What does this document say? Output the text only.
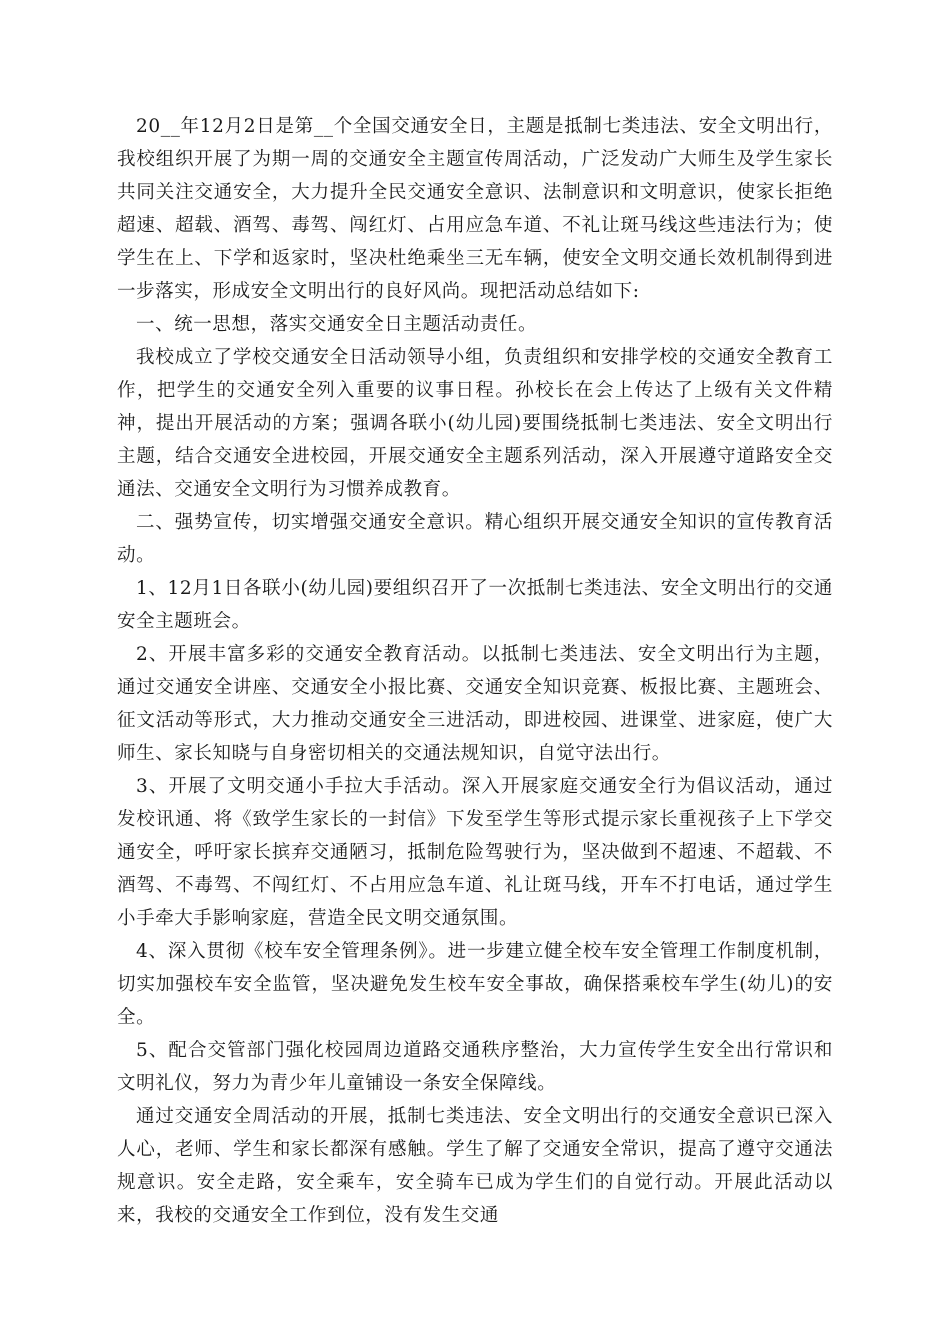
20__年12月2日是第__个全国交通安全日，主题是抵制七类违法、安全文明出行，我校组织开展了为期一周的交通安全主题宣传周活动，广泛发动广大师生及学生家长共同关注交通安全，大力提升全民交通安全意识、法制意识和文明意识，使家长拒绝超速、超载、酒驾、毒驾、闯红灯、占用应急车道、不礼让斑马线这些违法行为；使学生在上、下学和返家时，坚决杜绝乘坐三无车辆，使安全文明交通长效机制得到进一步落实，形成安全文明出行的良好风尚。现把活动总结如下:

一、统一思想，落实交通安全日主题活动责任。

我校成立了学校交通安全日活动领导小组，负责组织和安排学校的交通安全教育工作，把学生的交通安全列入重要的议事日程。孙校长在会上传达了上级有关文件精神，提出开展活动的方案；强调各联小(幼儿园)要围绕抵制七类违法、安全文明出行主题，结合交通安全进校园，开展交通安全主题系列活动，深入开展遵守道路安全交通法、交通安全文明行为习惯养成教育。

二、强势宣传，切实增强交通安全意识。精心组织开展交通安全知识的宣传教育活动。

1、12月1日各联小(幼儿园)要组织召开了一次抵制七类违法、安全文明出行的交通安全主题班会。

2、开展丰富多彩的交通安全教育活动。以抵制七类违法、安全文明出行为主题，通过交通安全讲座、交通安全小报比赛、交通安全知识竞赛、板报比赛、主题班会、征文活动等形式，大力推动交通安全三进活动，即进校园、进课堂、进家庭，使广大师生、家长知晓与自身密切相关的交通法规知识，自觉守法出行。

3、开展了文明交通小手拉大手活动。深入开展家庭交通安全行为倡议活动，通过发校讯通、将《致学生家长的一封信》下发至学生等形式提示家长重视孩子上下学交通安全，呼吁家长摈弃交通陋习，抵制危险驾驶行为，坚决做到不超速、不超载、不酒驾、不毒驾、不闯红灯、不占用应急车道、礼让斑马线，开车不打电话，通过学生小手牵大手影响家庭，营造全民文明交通氛围。

4、深入贯彻《校车安全管理条例》。进一步建立健全校车安全管理工作制度机制，切实加强校车安全监管，坚决避免发生校车安全事故，确保搭乘校车学生(幼儿)的安全。

5、配合交管部门强化校园周边道路交通秩序整治，大力宣传学生安全出行常识和文明礼仪，努力为青少年儿童铺设一条安全保障线。

通过交通安全周活动的开展，抵制七类违法、安全文明出行的交通安全意识已深入人心，老师、学生和家长都深有感触。学生了解了交通安全常识，提高了遵守交通法规意识。安全走路，安全乘车，安全骑车已成为学生们的自觉行动。开展此活动以来，我校的交通安全工作到位，没有发生交通
